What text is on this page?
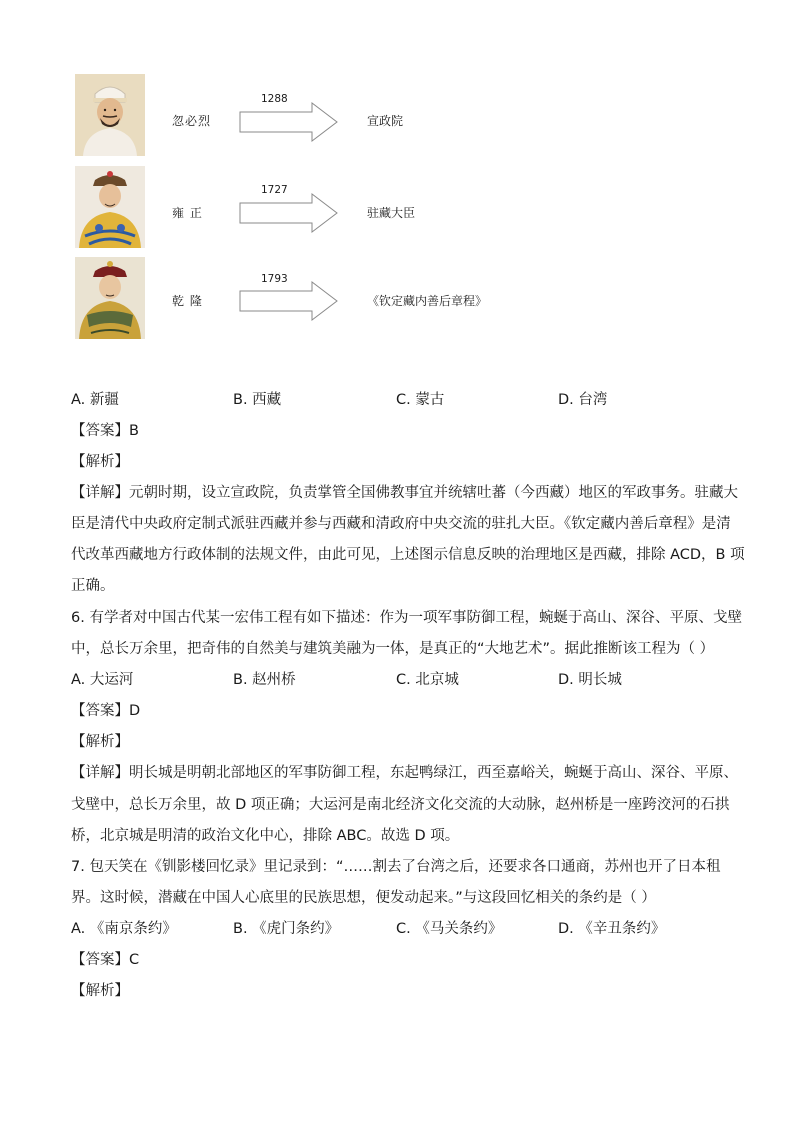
忽必烈
1288
宣政院
雍 正
1727
驻藏大臣
乾 隆
1793
《钦定藏内善后章程》
A. 新疆	B. 西藏	C. 蒙古	D. 台湾
【答案】B
【解析】
【详解】元朝时期，设立宣政院，负责掌管全国佛教事宜并统辖吐蕃（今西藏）地区的军政事务。驻藏大
臣是清代中央政府定制式派驻西藏并参与西藏和清政府中央交流的驻扎大臣。《钦定藏内善后章程》是清
代改革西藏地方行政体制的法规文件，由此可见，上述图示信息反映的治理地区是西藏，排除 ACD，B 项
正确。
6. 有学者对中国古代某一宏伟工程有如下描述：作为一项军事防御工程，蜿蜒于高山、深谷、平原、戈壁
中，总长万余里，把奇伟的自然美与建筑美融为一体，是真正的“大地艺术”。据此推断该工程为（ ）
A. 大运河	B. 赵州桥	C. 北京城	D. 明长城
【答案】D
【解析】
【详解】明长城是明朝北部地区的军事防御工程，东起鸭绿江，西至嘉峪关，蜿蜒于高山、深谷、平原、
戈壁中，总长万余里，故 D 项正确；大运河是南北经济文化交流的大动脉，赵州桥是一座跨洨河的石拱
桥，北京城是明清的政治文化中心，排除 ABC。故选 D 项。
7. 包天笑在《钏影楼回忆录》里记录到：“……割去了台湾之后，还要求各口通商，苏州也开了日本租
界。这时候，潜藏在中国人心底里的民族思想，便发动起来。”与这段回忆相关的条约是（ ）
A. 《南京条约》	B. 《虎门条约》	C. 《马关条约》	D. 《辛丑条约》
【答案】C
【解析】
